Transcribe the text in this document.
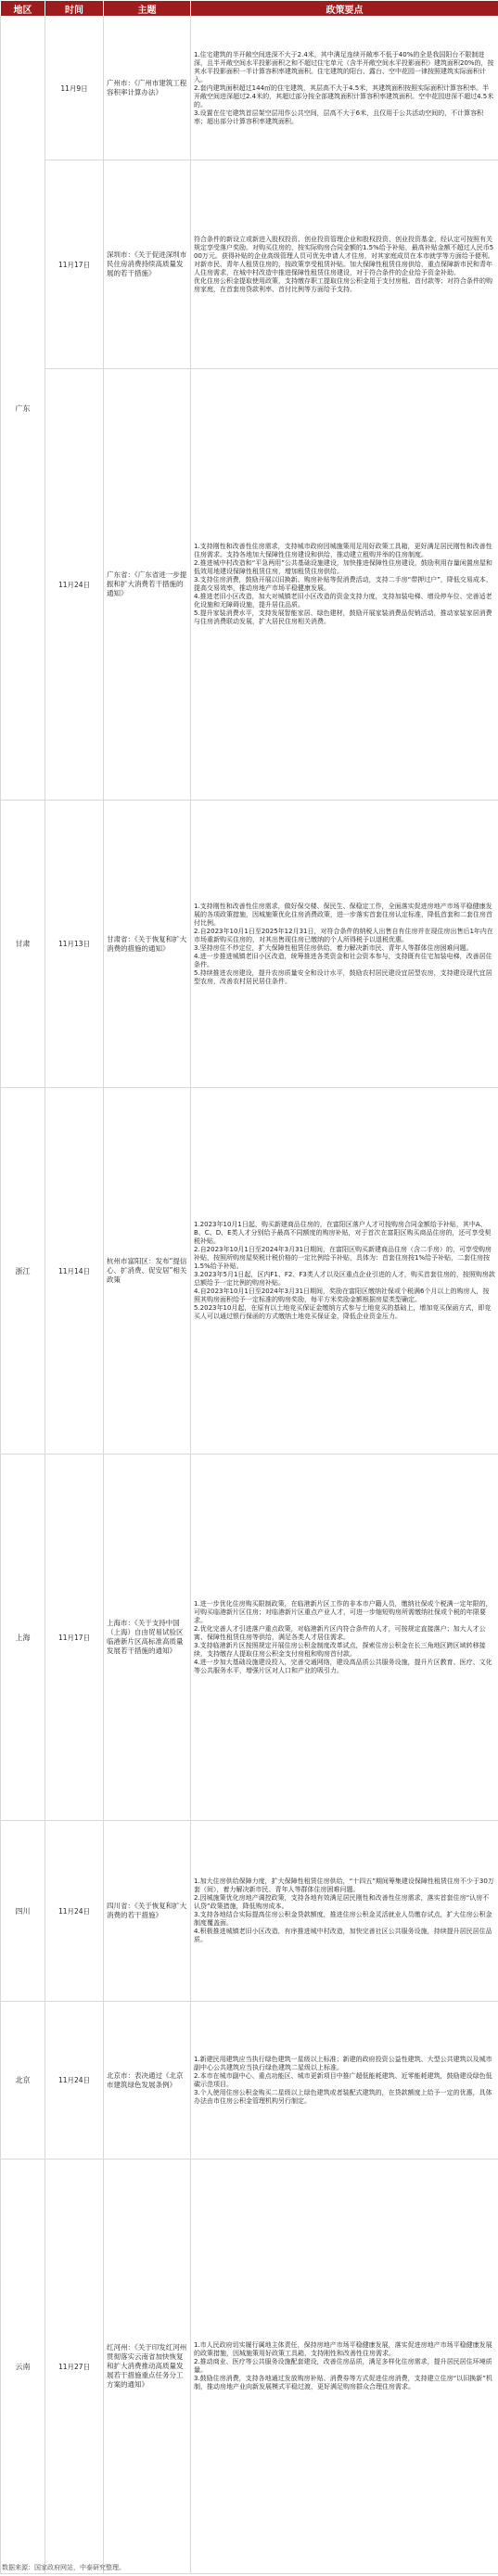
地区	时间	主题	政策要点
广东	11月9日	广州市：《广州市建筑工程容积率计算办法》	1.住宅建筑的半开敞空间进深不大于2.4米，其中满足连续开敞率不低于40%的全是我国阳台不限制进深，且半开敞空间水平投影面积之和不超过住宅单元（含半开敞空间水平投影面积）建筑面积20%的，按其水平投影面积一半计算容积率建筑面积。住宅建筑的阳台、露台、空中花园一律按照建筑实际面积计入。

2.套内建筑面积超过144㎡的住宅建筑，其层高不大于4.5米，其建筑面积按照实际面积计算容积率。半开敞空间进深超过2.4米的，其超过部分按全部建筑面积计算容积率建筑面积。空中花园进深不超过4.5米的。

3.设置在住宅建筑首层架空层用作公共空间，层高不大于6米，且仅用于公共活动空间的，不计算容积率；超出部分计算容积率建筑面积。

	11月17日	深圳市：《关于促进深圳市民住房消费持续高质量发展的若干措施》	符合条件的新设立或新进入股权投资、创业投资管理企业和股权投资、创业投资基金，经认定可按照有关规定享受落户奖励。对购买住房的，按实际购房合同金额的1.5%给予补贴，最高补贴金额不超过人民币500万元。获得补贴的企业高级管理人员可优先申请人才住房，对其家庭成员在本市就学等方面给予便利。

对新市民、青年人租赁住房的，按政策享受租赁补贴。加大保障性租赁住房供给，重点保障新市民和青年人住房需求，在城中村改造中推进保障性租赁住房建设，对于符合条件的企业给予资金补助。

优化住房公积金提取使用政策，支持缴存职工提取住房公积金用于支付房租、首付款等；对符合条件的购房家庭，在首套房贷款利率、首付比例等方面给予支持。

	11月24日	广东省：《广东省进一步提振和扩大消费若干措施的通知》	1.支持刚性和改善性住房需求，支持城市政府因城施策用足用好政策工具箱，更好满足居民刚性和改善性住房需求。支持各地加大保障性住房建设和供给，推动建立租购并举的住房制度。

2.推进城中村改造和“平急两用”公共基础设施建设，加快推进保障性住房建设，鼓励利用存量闲置房屋和低效用地建设保障性租赁住房，增加租赁住房供给。

3.支持住房消费，鼓励开展以旧换新、购房补贴等促消费活动，支持二手房“带押过户”，降低交易成本，提高交易效率，推动房地产市场平稳健康发展。

4.推进老旧小区改造，加大对城镇老旧小区改造的资金支持力度，支持加装电梯、增设停车位、完善适老化设施和无障碍设施，提升居住品质。

5.提升家装消费水平，支持发展智能家居、绿色建材，鼓励开展家装消费品促销活动，推动家装家居消费与住房消费联动发展，扩大居民住房相关消费。

甘肃	11月13日	甘肃省：《关于恢复和扩大消费的措施的通知》	1.支持刚性和改善性住房需求，做好保交楼、保民生、保稳定工作，全面落实促进房地产市场平稳健康发展的各项政策措施，因城施策优化住房消费政策，进一步落实首套住房认定标准，降低首套和二套住房首付比例。

2.自2023年10月1日至2025年12月31日，对符合条件的纳税人出售自有住房并在现住房出售后1年内在市场重新购买住房的，对其出售现住房已缴纳的个人所得税予以退税优惠。

3.坚持房住不炒定位，扩大保障性租赁住房供给，着力解决新市民、青年人等群体住房困难问题。

4.进一步推进城镇老旧小区改造，统筹推进各类资金和社会资本参与，支持既有住宅加装电梯，改善居住条件。

5.持续推进农房建设，提升农房质量安全和设计水平，鼓励农村居民建设宜居型农房，支持建设现代宜居型农房，改善农村居民居住条件。

浙江	11月14日	杭州市富阳区：发布“提信心、扩消费、促安居”相关政策	1.2023年10月1日起，购买新建商品住房的，在富阳区落户人才可按购房合同金额给予补贴，其中A、B、C、D、E类人才分别给予最高不同额度的购房补贴，对于首次在富阳区购买商品住房的，还可享受契税补贴。

2.自2023年10月1日至2024年3月31日期间，在富阳区购买新建商品住房（含二手房）的，可享受购房补贴，按照所购房屋契税计税价格的一定比例给予补贴，具体为：首套住房按1%给予补贴，二套住房按1.5%给予补贴。

3.2023年5月1日起，区内F1、F2、F3类人才以及区重点企业引进的人才，购买首套住房的，按照购房款总额给予一定比例的购房补贴。

4.自2023年10月1日至2024年3月31日期间，奖励在富阳区缴纳社保或个税满6个月以上的购房人，按照其购房面积给予一定标准的购房奖励，每平方米奖励金额根据房屋类型确定。

5.2023年10月起，在原有以土地竞买保证金缴纳方式参与土地竞买的基础上，增加竞买保函方式，即竞买人可以通过银行保函的方式缴纳土地竞买保证金，降低企业资金压力。

上海	11月17日	上海市：《关于支持中国（上海）自由贸易试验区临港新片区高标准高质量发展若干措施的通知》	1.进一步优化住房购买限制政策，在临港新片区工作的非本市户籍人员，缴纳社保或个税满一定年限的，可购买临港新片区住房；对临港新片区重点产业人才，可进一步缩短购房所需缴纳社保或个税的年限要求。

2.优化完善人才引进落户重点政策，对临港新片区内符合条件的人才，可按规定直接落户；加大人才公寓、保障性租赁住房等供给，满足各类人才居住需求。

3.支持临港新片区按照规定开展住房公积金制度改革试点，探索住房公积金在长三角地区跨区域转移接续，支持缴存人提取住房公积金支付房租和购房首付款。

4.进一步加大基础设施建设投入，完善交通网络，建设高品质公共服务设施，提升片区教育、医疗、文化等公共服务水平，增强片区对人口和产业的吸引力。

四川	11月24日	四川省：《关于恢复和扩大消费的若干措施》	1.加大住房供给保障力度，扩大保障性租赁住房供给，“十四五”期间筹集建设保障性租赁住房不少于30万套（间），着力解决新市民、青年人等群体住房困难问题。

2.因城施策优化房地产调控政策，支持各地有效满足居民刚性和改善性住房需求，落实首套住房“认房不认贷”政策措施，降低购房成本。

3.支持各地结合实际提高住房公积金贷款额度，推进住房公积金灵活就业人员缴存试点，扩大住房公积金制度覆盖面。

4.积极推进城镇老旧小区改造，有序推进城中村改造，加快完善社区公共服务设施，持续提升居民居住品质。

北京	11月24日	北京市：表决通过《北京市建筑绿色发展条例》	1.新建民用建筑应当执行绿色建筑一星级以上标准；新建的政府投资公益性建筑、大型公共建筑以及城市副中心公共建筑应当执行绿色建筑二星级以上标准。

2.本市在城市副中心、重点功能区、城市更新项目中推广超低能耗建筑、近零能耗建筑，鼓励建设绿色低碳示范项目。

3.个人使用住房公积金购买二星级以上绿色建筑或者装配式建筑的，在贷款额度上给予一定的优惠，具体办法由市住房公积金管理机构另行制定。

云南	11月27日	红河州：《关于印发红河州贯彻落实云南省加快恢复和扩大消费推动高质量发展若干措施重点任务分工方案的通知》	1.市人民政府切实履行属地主体责任，保持房地产市场平稳健康发展，落实促进房地产市场平稳健康发展的政策措施，因城施策用好政策工具箱，支持刚性和改善性住房需求。

2.推动商业、医疗等公共服务设施配套建设，改善住房品质，满足多样化住房需求，提升居民居住环境质量。

3.鼓励住房消费，支持各地通过发放购房补贴、消费券等方式促进住房消费，支持建立住房“以旧换新”机制，推动房地产业向新发展模式平稳过渡，更好满足购房群众合理住房需求。

数据来源：国家政府网站，中泰研究整理。
